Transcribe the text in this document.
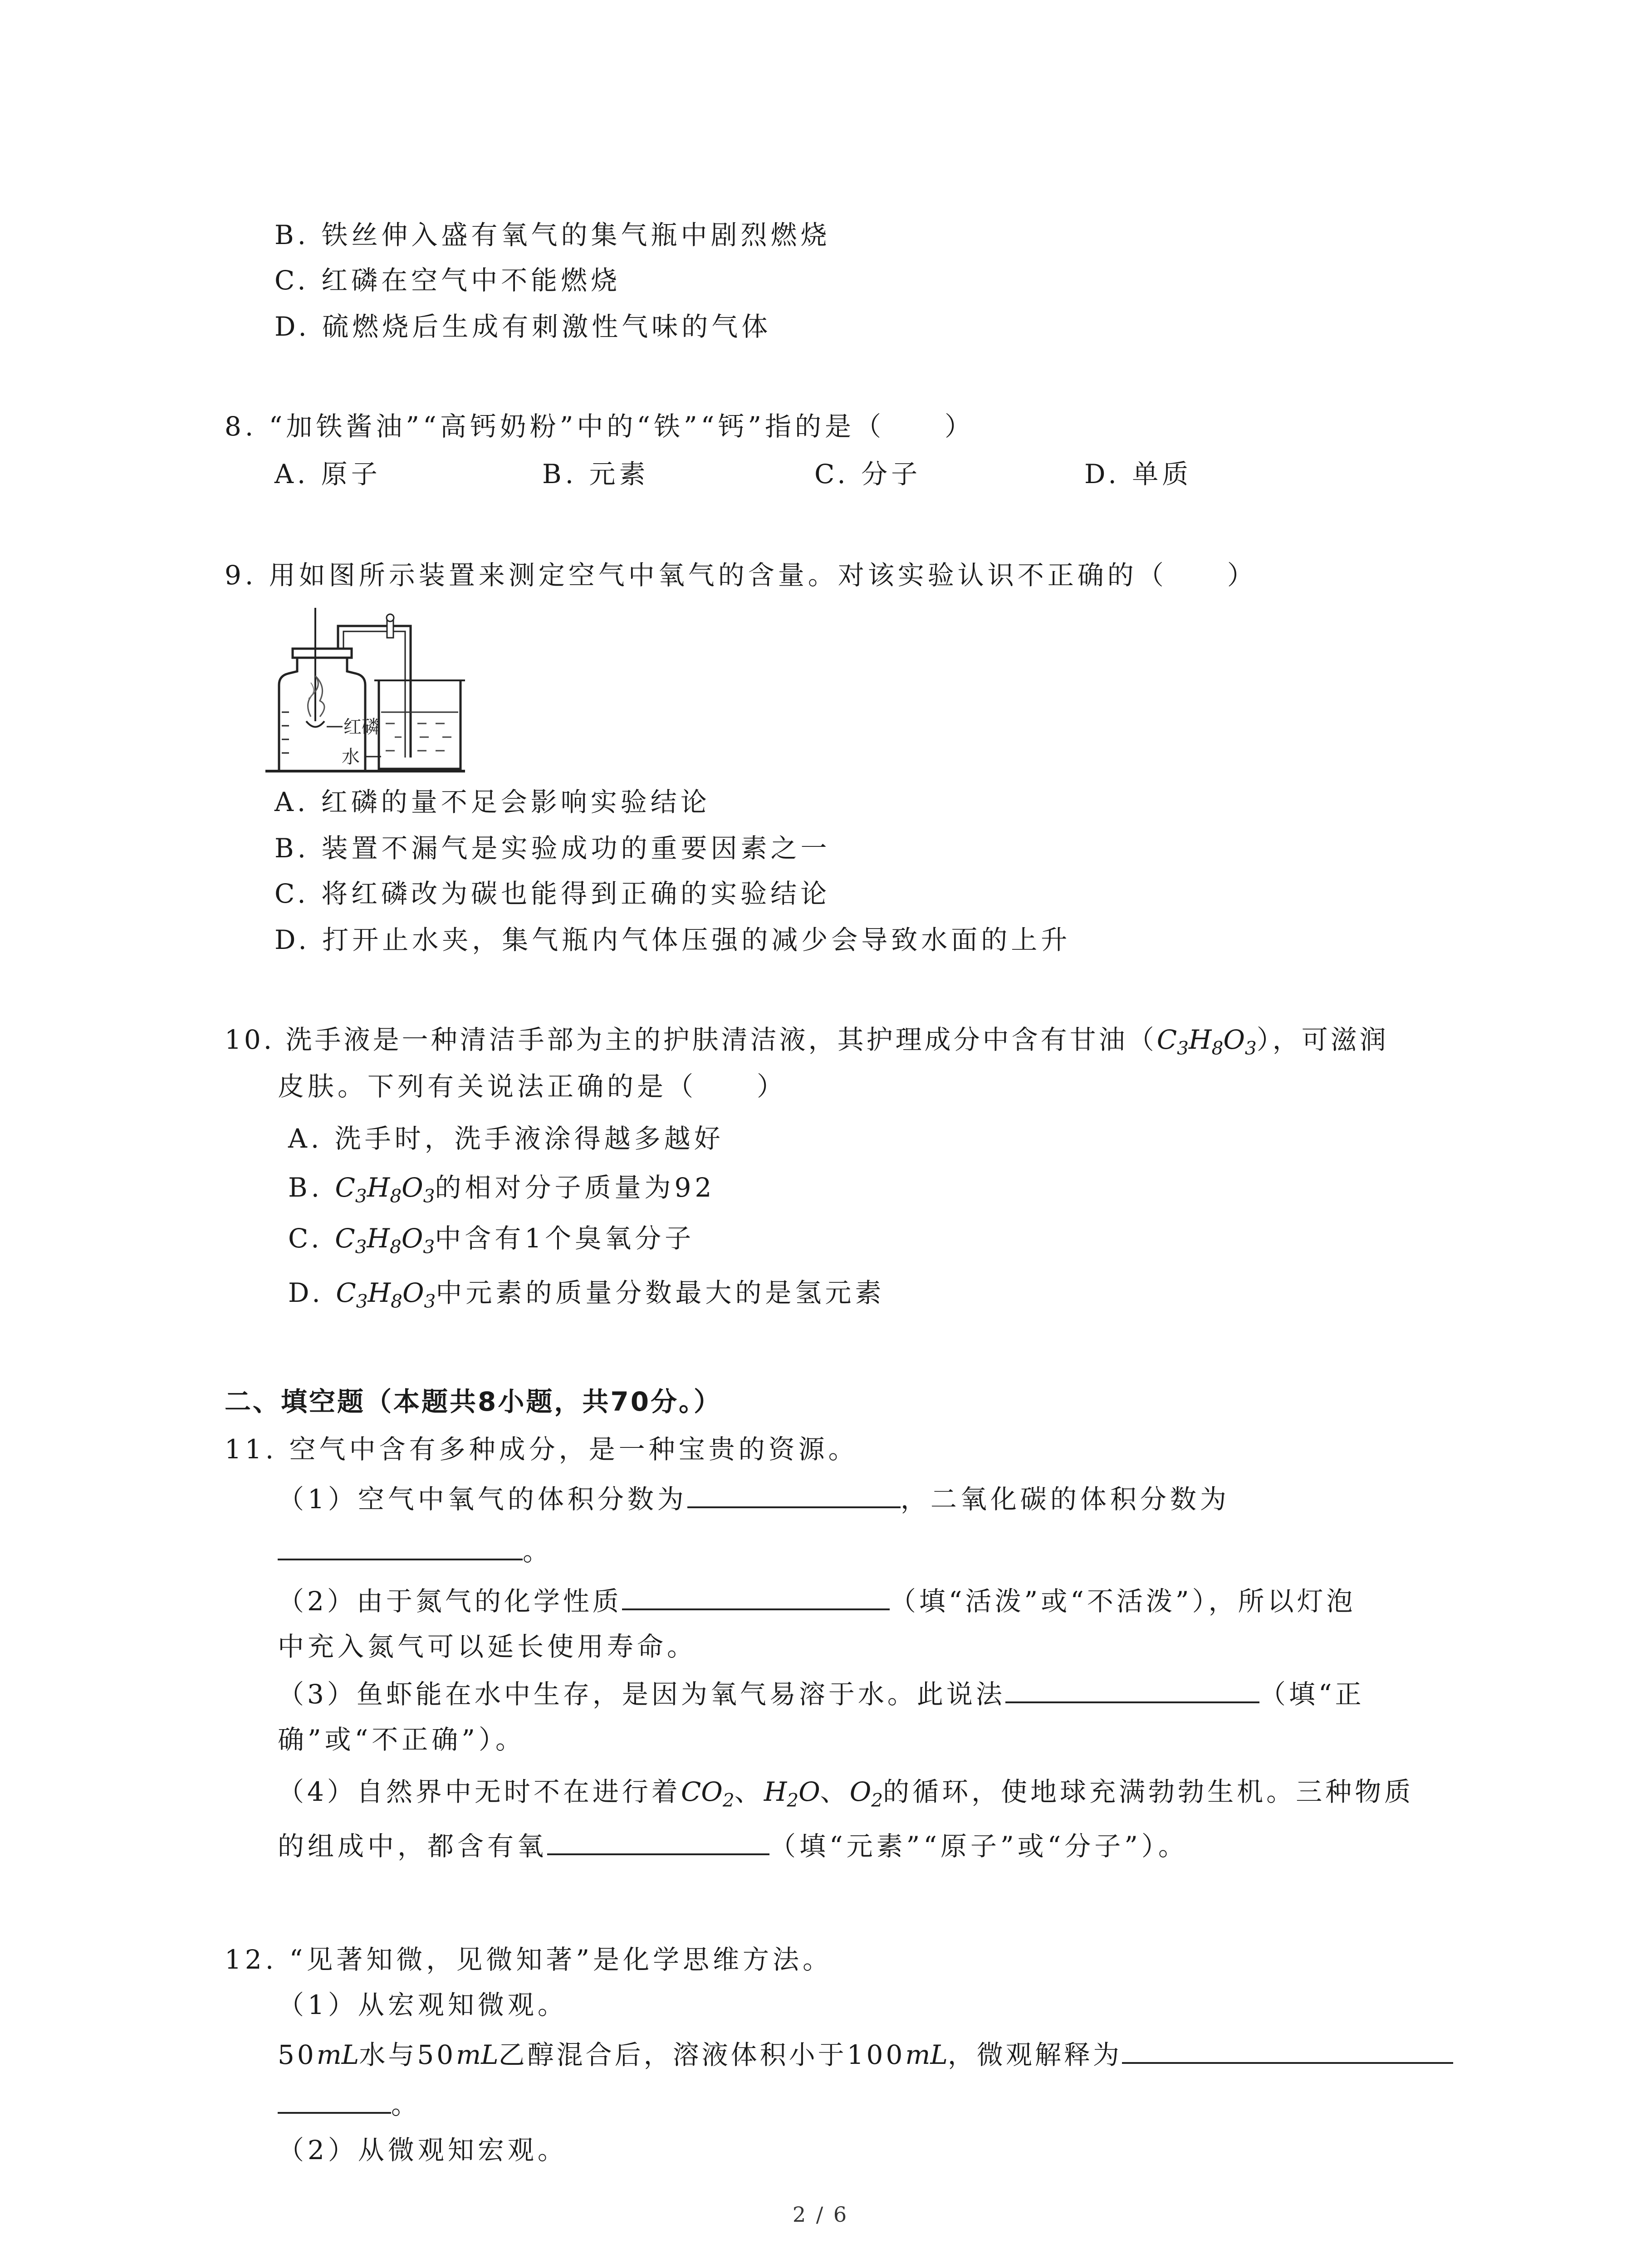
B. 铁丝伸入盛有氧气的集气瓶中剧烈燃烧
C. 红磷在空气中不能燃烧
D. 硫燃烧后生成有刺激性气味的气体
8. “加铁酱油”“高钙奶粉”中的“铁”“钙”指的是（　　）
A. 原子	B. 元素	C. 分子	D. 单质
9. 用如图所示装置来测定空气中氧气的含量。对该实验认识不正确的（　　）
红磷
水
A. 红磷的量不足会影响实验结论
B. 装置不漏气是实验成功的重要因素之一
C. 将红磷改为碳也能得到正确的实验结论
D. 打开止水夹，集气瓶内气体压强的减少会导致水面的上升
10. 洗手液是一种清洁手部为主的护肤清洁液，其护理成分中含有甘油$(C_3H_8O_3)$，可滋润
皮肤。下列有关说法正确的是（　　）
A. 洗手时，洗手液涂得越多越好
B. $C_3H_8O_3$的相对分子质量为92
C. $C_3H_8O_3$中含有1个臭氧分子
D. $C_3H_8O_3$中元素的质量分数最大的是氢元素
二、填空题（本题共8小题，共70分。）
11. 空气中含有多种成分，是一种宝贵的资源。
（1）空气中氧气的体积分数为	，二氧化碳的体积分数为
。
（2）由于氮气的化学性质	（填“活泼”或“不活泼”），所以灯泡
中充入氮气可以延长使用寿命。
（3）鱼虾能在水中生存，是因为氧气易溶于水。此说法	（填“正
确”或“不正确”）。
（4）自然界中无时不在进行着$CO_2$、$H_2O$、$O_2$的循环，使地球充满勃勃生机。三种物质
的组成中，都含有氧	（填“元素”“原子”或“分子”）。
12. “见著知微，见微知著”是化学思维方法。
（1）从宏观知微观。
50mL水与50mL乙醇混合后，溶液体积小于100mL，微观解释为
。
（2）从微观知宏观。
2 / 6
